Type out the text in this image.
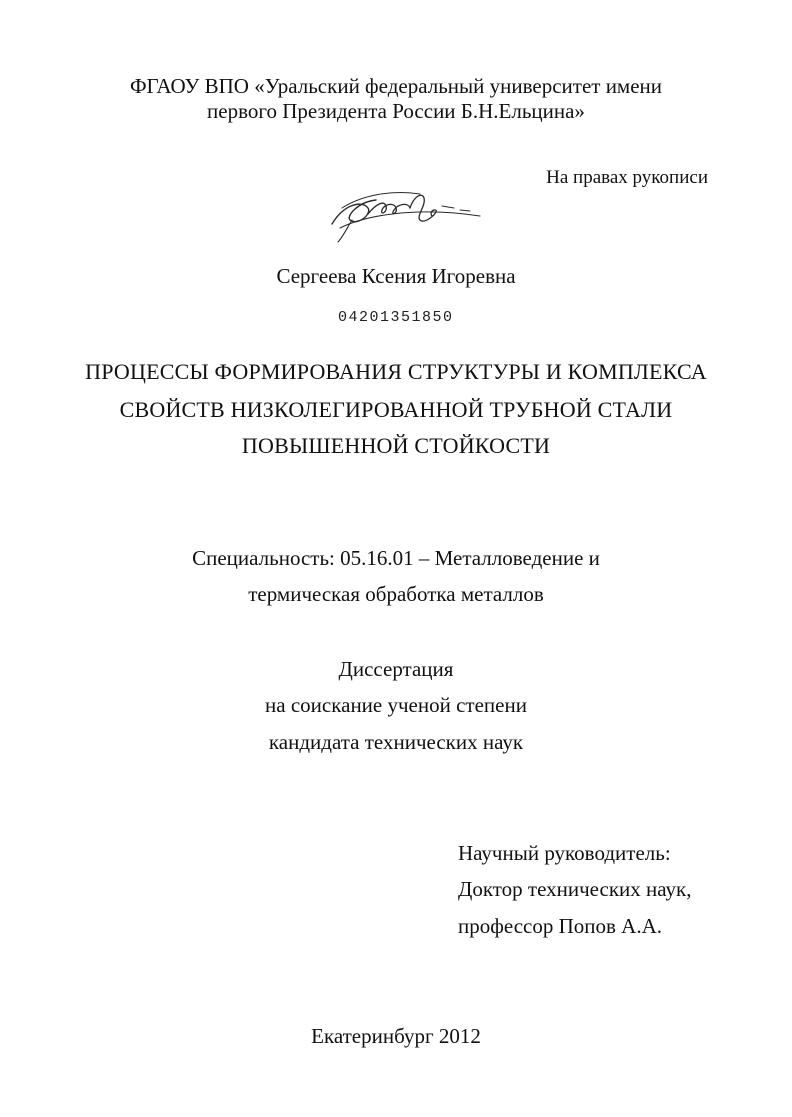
ФГАОУ ВПО «Уральский федеральный университет имени
первого Президента России Б.Н.Ельцина»
На правах рукописи
Сергеева Ксения Игоревна
04201351850
ПРОЦЕССЫ ФОРМИРОВАНИЯ СТРУКТУРЫ И КОМПЛЕКСА
СВОЙСТВ НИЗКОЛЕГИРОВАННОЙ ТРУБНОЙ СТАЛИ
ПОВЫШЕННОЙ СТОЙКОСТИ
Специальность: 05.16.01 – Металловедение и
термическая обработка металлов
Диссертация
на соискание ученой степени
кандидата технических наук
Научный руководитель:
Доктор технических наук,
профессор Попов А.А.
Екатеринбург 2012
